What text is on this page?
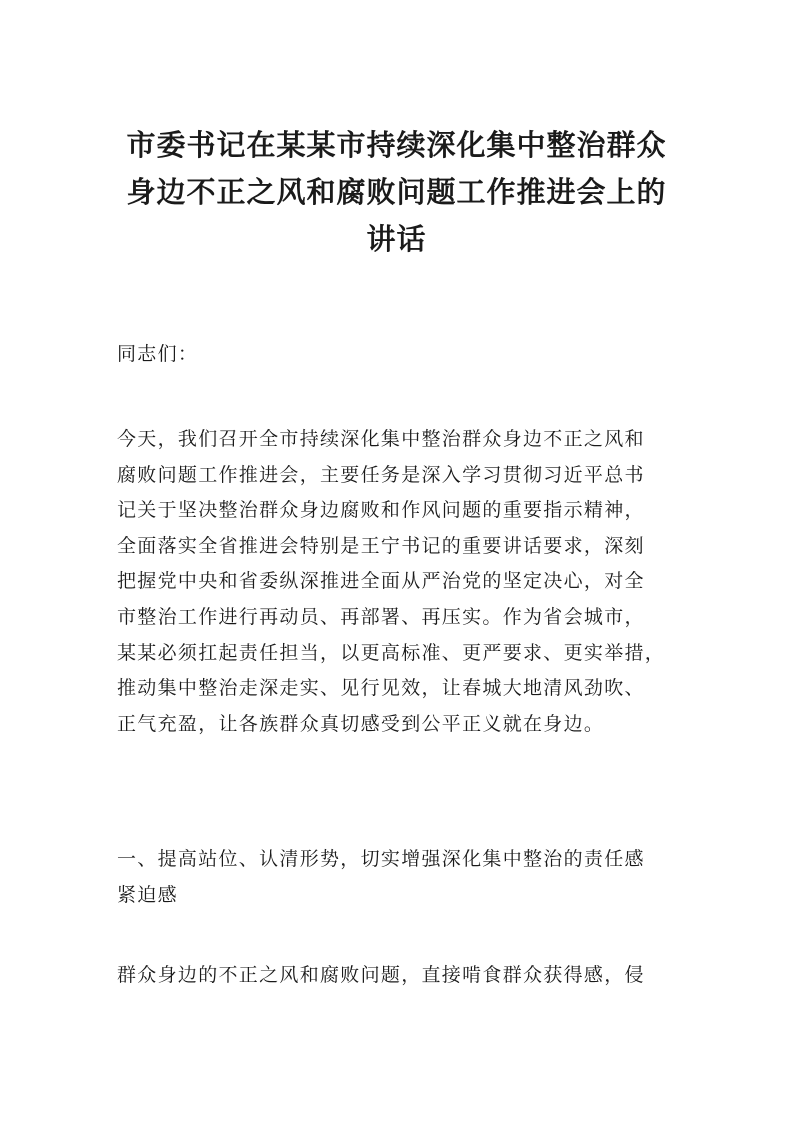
市委书记在某某市持续深化集中整治群众
身边不正之风和腐败问题工作推进会上的
讲话
同志们：
今天，我们召开全市持续深化集中整治群众身边不正之风和
腐败问题工作推进会，主要任务是深入学习贯彻习近平总书
记关于坚决整治群众身边腐败和作风问题的重要指示精神，
全面落实全省推进会特别是王宁书记的重要讲话要求，深刻
把握党中央和省委纵深推进全面从严治党的坚定决心，对全
市整治工作进行再动员、再部署、再压实。作为省会城市，
某某必须扛起责任担当，以更高标准、更严要求、更实举措，
推动集中整治走深走实、见行见效，让春城大地清风劲吹、
正气充盈，让各族群众真切感受到公平正义就在身边。
一、提高站位、认清形势，切实增强深化集中整治的责任感
紧迫感
群众身边的不正之风和腐败问题，直接啃食群众获得感，侵
